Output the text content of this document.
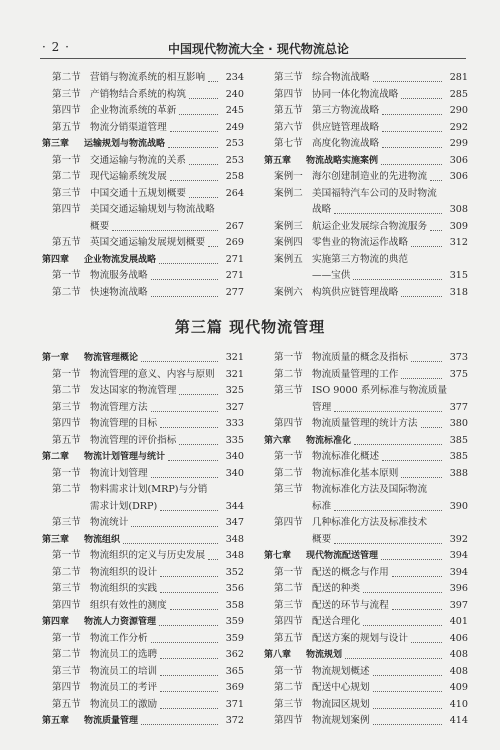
· 2 ·	中国现代物流大全 · 现代物流总论
第二节 营销与物流系统的相互影响	234
第三节 产销物结合系统的构筑	240
第四节 企业物流系统的革新	245
第五节 物流分销渠道管理	249
第三章 运输规划与物流战略	253
第一节 交通运输与物流的关系	253
第二节 现代运输系统发展	258
第三节 中国交通十五规划概要	264
第四节 美国交通运输规划与物流战略
概要	267
第五节 英国交通运输发展规划概要	269
第四章 企业物流发展战略	271
第一节 物流服务战略	271
第二节 快速物流战略	277
第三节 综合物流战略	281
第四节 协同一体化物流战略	285
第五节 第三方物流战略	290
第六节 供应链管理战略	292
第七节 高度化物流战略	299
第五章 物流战略实施案例	306
案例一 海尔创建制造业的先进物流	306
案例二 美国福特汽车公司的及时物流
战略	308
案例三 航运企业发展综合物流服务	309
案例四 零售业的物流运作战略	312
案例五 实施第三方物流的典范
——宝供	315
案例六 构筑供应链管理战略	318
第三篇 现代物流管理
第一章 物流管理概论	321
第一节 物流管理的意义、内容与原则	321
第二节 发达国家的物流管理	325
第三节 物流管理方法	327
第四节 物流管理的目标	333
第五节 物流管理的评价指标	335
第二章 物流计划管理与统计	340
第一节 物流计划管理	340
第二节 物料需求计划(MRP)与分销
需求计划(DRP)	344
第三节 物流统计	347
第三章 物流组织	348
第一节 物流组织的定义与历史发展	348
第二节 物流组织的设计	352
第三节 物流组织的实践	356
第四节 组织有效性的测度	358
第四章 物流人力资源管理	359
第一节 物流工作分析	359
第二节 物流员工的选聘	362
第三节 物流员工的培训	365
第四节 物流员工的考评	369
第五节 物流员工的激励	371
第五章 物流质量管理	372
第一节 物流质量的概念及指标	373
第二节 物流质量管理的工作	375
第三节 ISO 9000 系列标准与物流质量
管理	377
第四节 物流质量管理的统计方法	380
第六章 物流标准化	385
第一节 物流标准化概述	385
第二节 物流标准化基本原则	388
第三节 物流标准化方法及国际物流
标准	390
第四节 几种标准化方法及标准技术
概要	392
第七章 现代物流配送管理	394
第一节 配送的概念与作用	394
第二节 配送的种类	396
第三节 配送的环节与流程	397
第四节 配送合理化	401
第五节 配送方案的规划与设计	406
第八章 物流规划	408
第一节 物流规划概述	408
第二节 配送中心规划	409
第三节 物流园区规划	410
第四节 物流规划案例	414
